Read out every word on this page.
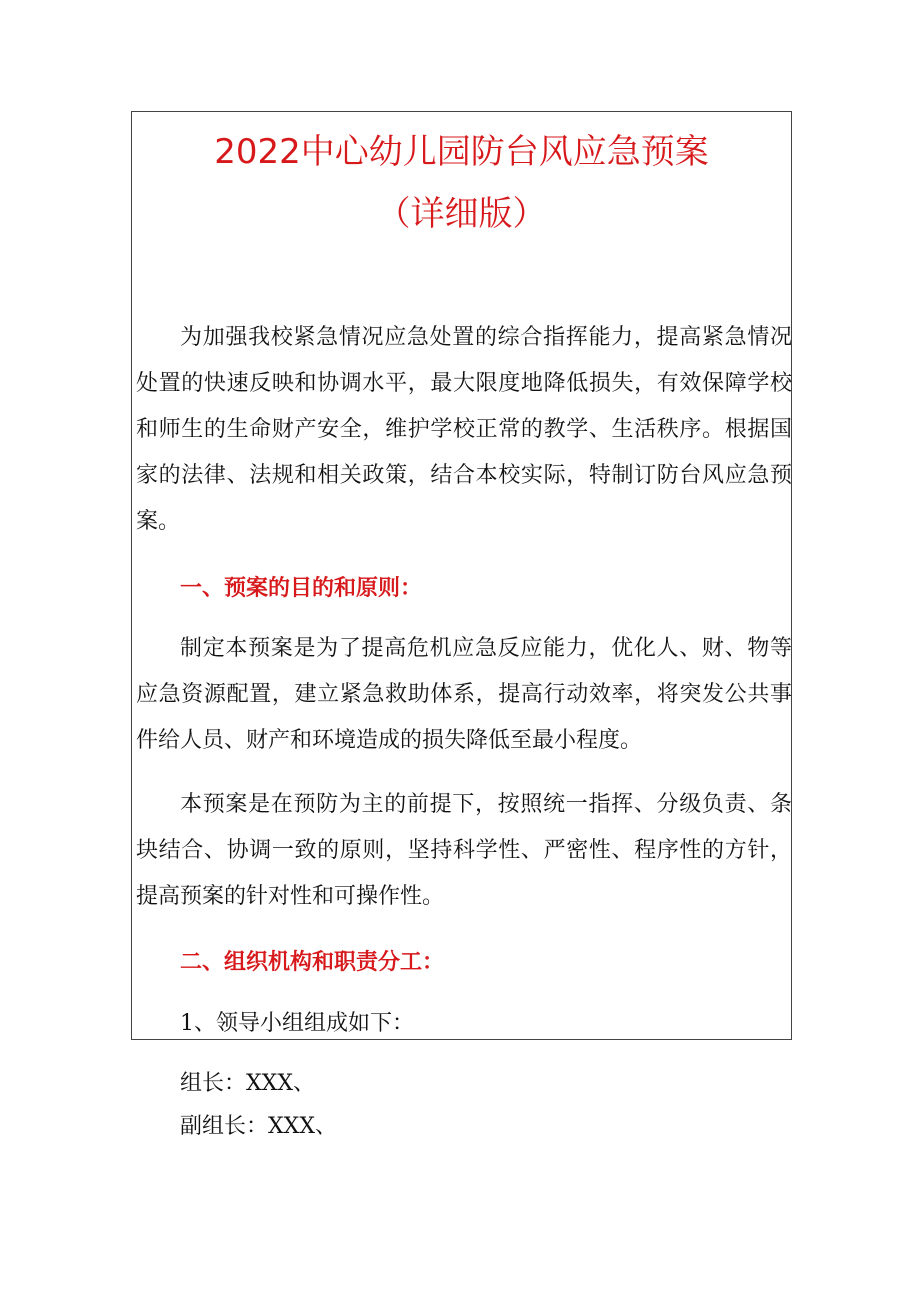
2022中心幼儿园防台风应急预案
（详细版）

为加强我校紧急情况应急处置的综合指挥能力，提高紧急情况处置的快速反映和协调水平，最大限度地降低损失，有效保障学校和师生的生命财产安全，维护学校正常的教学、生活秩序。根据国家的法律、法规和相关政策，结合本校实际，特制订防台风应急预案。

一、预案的目的和原则：

制定本预案是为了提高危机应急反应能力，优化人、财、物等应急资源配置，建立紧急救助体系，提高行动效率，将突发公共事件给人员、财产和环境造成的损失降低至最小程度。

本预案是在预防为主的前提下，按照统一指挥、分级负责、条块结合、协调一致的原则，坚持科学性、严密性、程序性的方针，提高预案的针对性和可操作性。

二、组织机构和职责分工：
1、领导小组组成如下：
组长：XXX、
副组长：XXX、
